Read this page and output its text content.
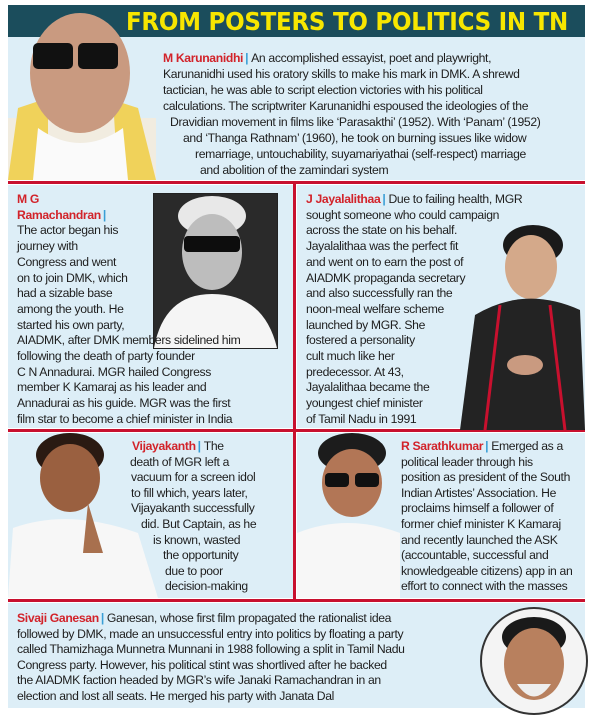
FROM POSTERS TO POLITICS IN TN
M Karunanidhi | An accomplished essayist, poet and playwright,
Karunanidhi used his oratory skills to make his mark in DMK. A shrewd
tactician, he was able to script election victories with his political
calculations. The scriptwriter Karunanidhi espoused the ideologies of the
Dravidian movement in films like ‘Parasakthi’ (1952). With ‘Panam’ (1952)
and ‘Thanga Rathnam’ (1960), he took on burning issues like widow
remarriage, untouchability, suyamariyathai (self-respect) marriage
and abolition of the zamindari system
M G
Ramachandran |
The actor began his
journey with
Congress and went
on to join DMK, which
had a sizable base
among the youth. He
started his own party,
AIADMK, after DMK members sidelined him
following the death of party founder
C N Annadurai. MGR hailed Congress
member K Kamaraj as his leader and
Annadurai as his guide. MGR was the first
film star to become a chief minister in India
J Jayalalithaa | Due to failing health, MGR
sought someone who could campaign
across the state on his behalf.
Jayalalithaa was the perfect fit
and went on to earn the post of
AIADMK propaganda secretary
and also successfully ran the
noon-meal welfare scheme
launched by MGR. She
fostered a personality
cult much like her
predecessor. At 43,
Jayalalithaa became the
youngest chief minister
of Tamil Nadu in 1991
Vijayakanth | The
death of MGR left a
vacuum for a screen idol
to fill which, years later,
Vijayakanth successfully
did. But Captain, as he
is known, wasted
the opportunity
due to poor
decision-making
R Sarathkumar | Emerged as a
political leader through his
position as president of the South
Indian Artistes’ Association. He
proclaims himself a follower of
former chief minister K Kamaraj
and recently launched the ASK
(accountable, successful and
knowledgeable citizens) app in an
effort to connect with the masses
Sivaji Ganesan | Ganesan, whose first film propagated the rationalist idea
followed by DMK, made an unsuccessful entry into politics by floating a party
called Thamizhaga Munnetra Munnani in 1988 following a split in Tamil Nadu
Congress party. However, his political stint was shortlived after he backed
the AIADMK faction headed by MGR’s wife Janaki Ramachandran in an
election and lost all seats. He merged his party with Janata Dal
